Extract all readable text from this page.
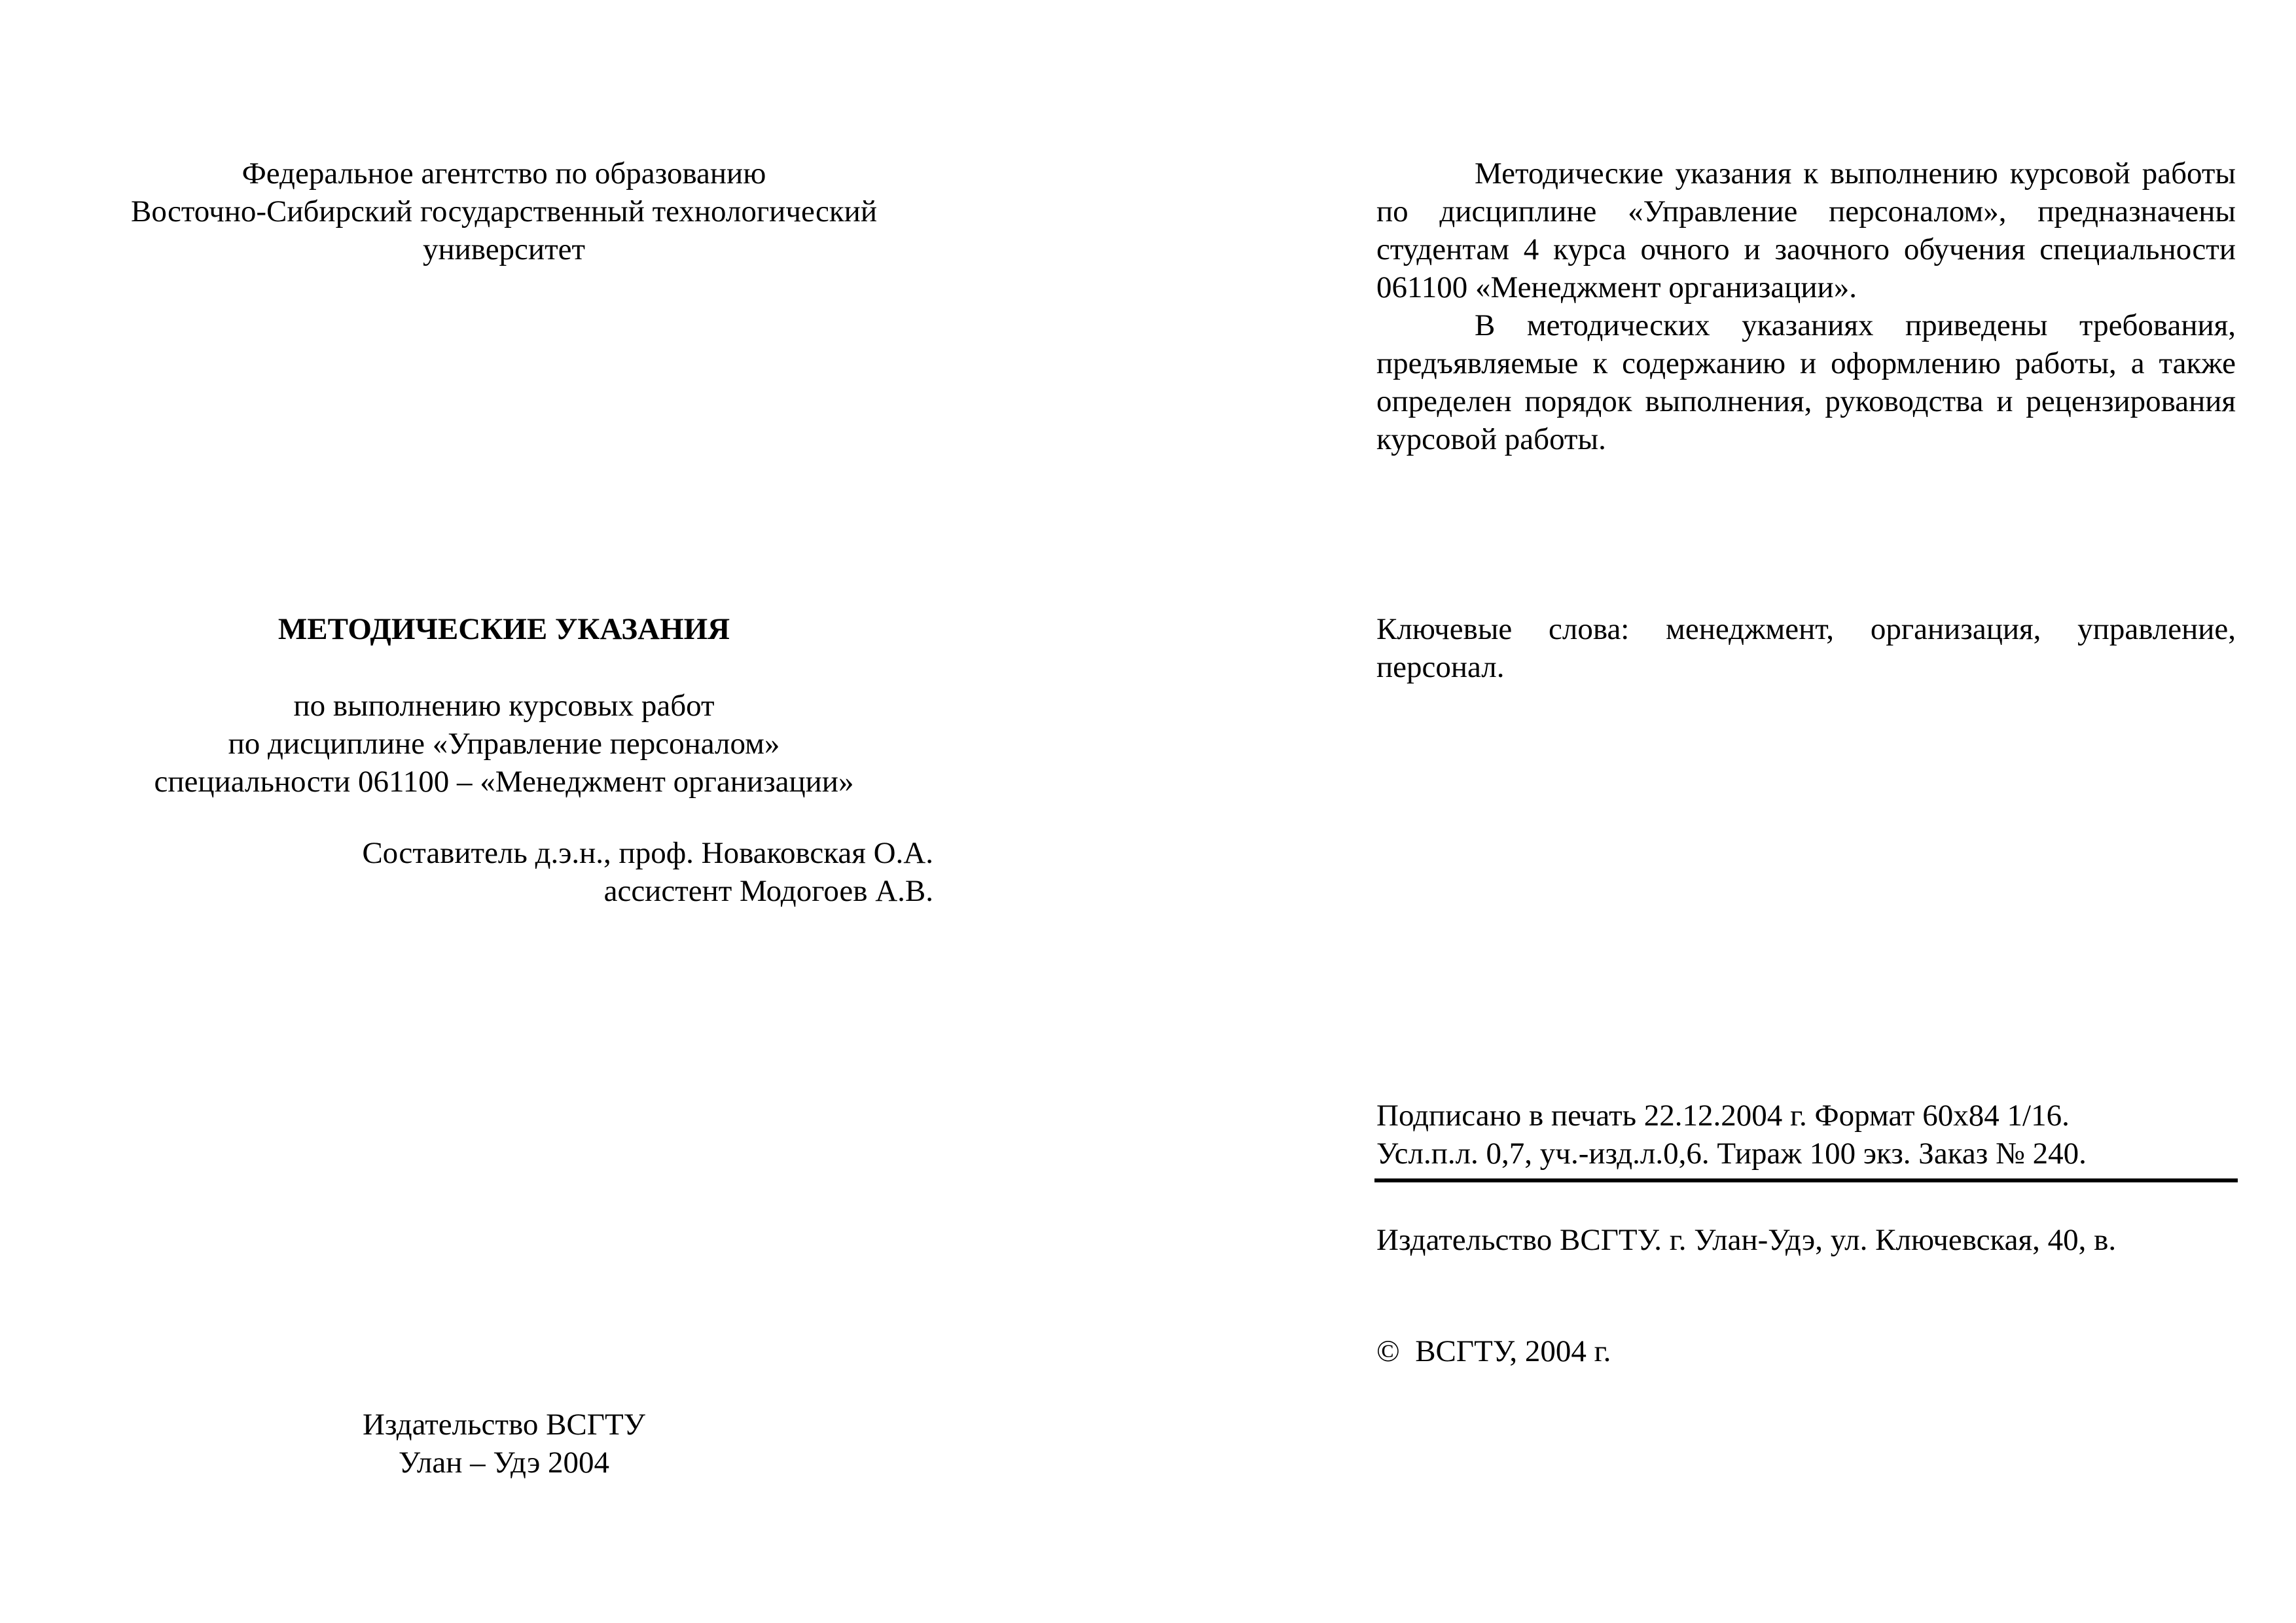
Федеральное агентство по образованию
Восточно-Сибирский государственный технологический
университет
МЕТОДИЧЕСКИЕ УКАЗАНИЯ
по выполнению курсовых работ
по дисциплине «Управление персоналом»
специальности 061100 – «Менеджмент организации»
Составитель д.э.н., проф. Новаковская О.А.
ассистент Модогоев А.В.
Издательство ВСГТУ
Улан – Удэ 2004

Методические указания к выполнению курсовой работы по дисциплине «Управление персоналом», предназначены студентам 4 курса очного и заочного обучения специальности 061100 «Менеджмент организации».

В методических указаниях приведены требования, предъявляемые к содержанию и оформлению работы, а также определен порядок выполнения, руководства и рецензирования курсовой работы.

Ключевые слова: менеджмент, организация, управление, персонал.
Подписано в печать 22.12.2004 г. Формат 60x84 1/16.
Усл.п.л. 0,7, уч.-изд.л.0,6. Тираж 100 экз. Заказ № 240.
Издательство ВСГТУ. г. Улан-Удэ, ул. Ключевская, 40, в.
©  ВСГТУ, 2004 г.
